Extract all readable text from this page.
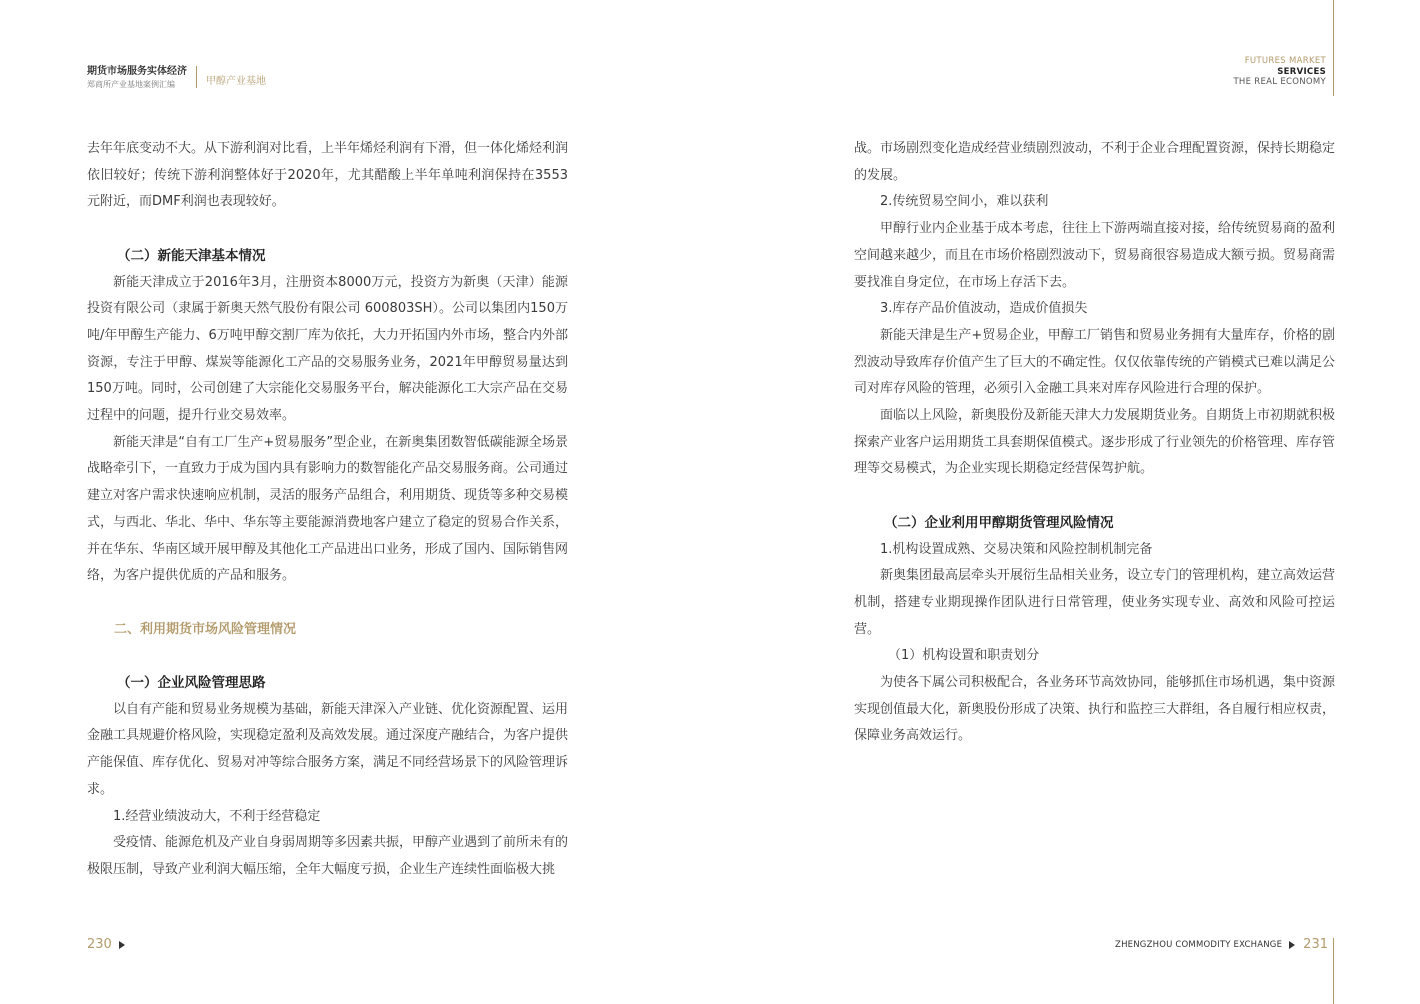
期货市场服务实体经济
郑商所产业基地案例汇编	甲醇产业基地
FUTURES MARKET
SERVICES
THE REAL ECONOMY

去年年底变动不大。从下游利润对比看，上半年烯烃利润有下滑，但一体化烯烃利润依旧较好；传统下游利润整体好于2020年，尤其醋酸上半年单吨利润保持在3553元附近，而DMF利润也表现较好。

（二）新能天津基本情况

新能天津成立于2016年3月，注册资本8000万元，投资方为新奥（天津）能源投资有限公司（隶属于新奥天然气股份有限公司 600803SH）。公司以集团内150万吨/年甲醇生产能力、6万吨甲醇交割厂库为依托，大力开拓国内外市场，整合内外部资源，专注于甲醇、煤炭等能源化工产品的交易服务业务，2021年甲醇贸易量达到150万吨。同时，公司创建了大宗能化交易服务平台，解决能源化工大宗产品在交易过程中的问题，提升行业交易效率。

新能天津是“自有工厂生产+贸易服务”型企业，在新奥集团数智低碳能源全场景战略牵引下，一直致力于成为国内具有影响力的数智能化产品交易服务商。公司通过建立对客户需求快速响应机制，灵活的服务产品组合，利用期货、现货等多种交易模式，与西北、华北、华中、华东等主要能源消费地客户建立了稳定的贸易合作关系，并在华东、华南区域开展甲醇及其他化工产品进出口业务，形成了国内、国际销售网络，为客户提供优质的产品和服务。

二、利用期货市场风险管理情况

（一）企业风险管理思路

以自有产能和贸易业务规模为基础，新能天津深入产业链、优化资源配置、运用金融工具规避价格风险，实现稳定盈利及高效发展。通过深度产融结合，为客户提供产能保值、库存优化、贸易对冲等综合服务方案，满足不同经营场景下的风险管理诉求。

1.经营业绩波动大，不利于经营稳定

受疫情、能源危机及产业自身弱周期等多因素共振，甲醇产业遇到了前所未有的极限压制，导致产业利润大幅压缩，全年大幅度亏损，企业生产连续性面临极大挑

战。市场剧烈变化造成经营业绩剧烈波动，不利于企业合理配置资源，保持长期稳定的发展。

2.传统贸易空间小，难以获利

甲醇行业内企业基于成本考虑，往往上下游两端直接对接，给传统贸易商的盈利空间越来越少，而且在市场价格剧烈波动下，贸易商很容易造成大额亏损。贸易商需要找准自身定位，在市场上存活下去。

3.库存产品价值波动，造成价值损失

新能天津是生产+贸易企业，甲醇工厂销售和贸易业务拥有大量库存，价格的剧烈波动导致库存价值产生了巨大的不确定性。仅仅依靠传统的产销模式已难以满足公司对库存风险的管理，必须引入金融工具来对库存风险进行合理的保护。

面临以上风险，新奥股份及新能天津大力发展期货业务。自期货上市初期就积极探索产业客户运用期货工具套期保值模式。逐步形成了行业领先的价格管理、库存管理等交易模式，为企业实现长期稳定经营保驾护航。

（二）企业利用甲醇期货管理风险情况

1.机构设置成熟、交易决策和风险控制机制完备

新奥集团最高层牵头开展衍生品相关业务，设立专门的管理机构，建立高效运营机制，搭建专业期现操作团队进行日常管理，使业务实现专业、高效和风险可控运营。

（1）机构设置和职责划分

为使各下属公司积极配合，各业务环节高效协同，能够抓住市场机遇，集中资源实现创值最大化，新奥股份形成了决策、执行和监控三大群组，各自履行相应权责，保障业务高效运行。

230	ZHENGZHOU COMMODITY EXCHANGE 231
